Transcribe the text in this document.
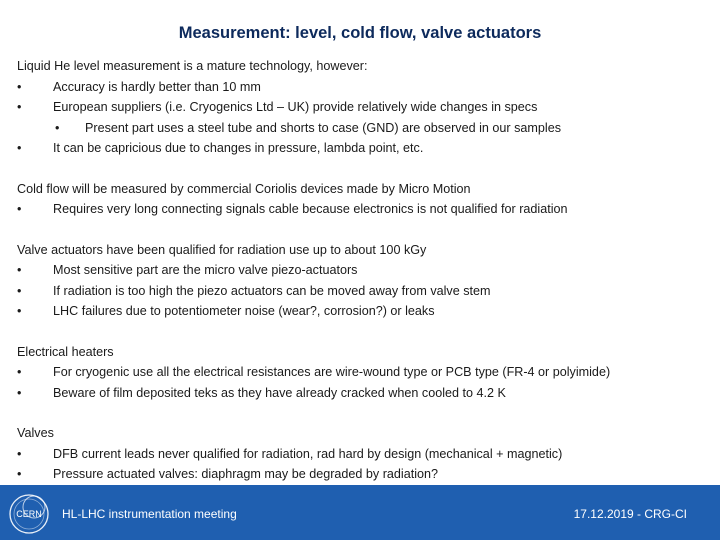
Measurement: level, cold flow, valve actuators
Liquid He level measurement is a mature technology, however:
•	Accuracy is hardly better than 10 mm
•	European suppliers (i.e. Cryogenics Ltd – UK) provide relatively wide changes in specs
• Present part uses a steel tube and shorts to case (GND) are observed in our samples
•	It can be capricious due to changes in pressure, lambda point, etc.
Cold flow will be measured by commercial Coriolis devices made by Micro Motion
•	Requires very long connecting signals cable because electronics is not qualified for radiation
Valve actuators have been qualified for radiation use up to about 100 kGy
•	Most sensitive part are the micro valve piezo-actuators
•	If radiation is too high the piezo actuators can be moved away from valve stem
•	LHC failures due to potentiometer noise (wear?, corrosion?) or leaks
Electrical heaters
•	For cryogenic use all the electrical resistances are wire-wound type or PCB type (FR-4 or polyimide)
•	Beware of film deposited teks as they have already cracked when cooled to 4.2 K
Valves
•	DFB current leads never qualified for radiation, rad hard by design (mechanical + magnetic)
•	Pressure actuated valves: diaphragm may be degraded by radiation?
CERN HL-LHC instrumentation meeting	17.12.2019 - CRG-CI
